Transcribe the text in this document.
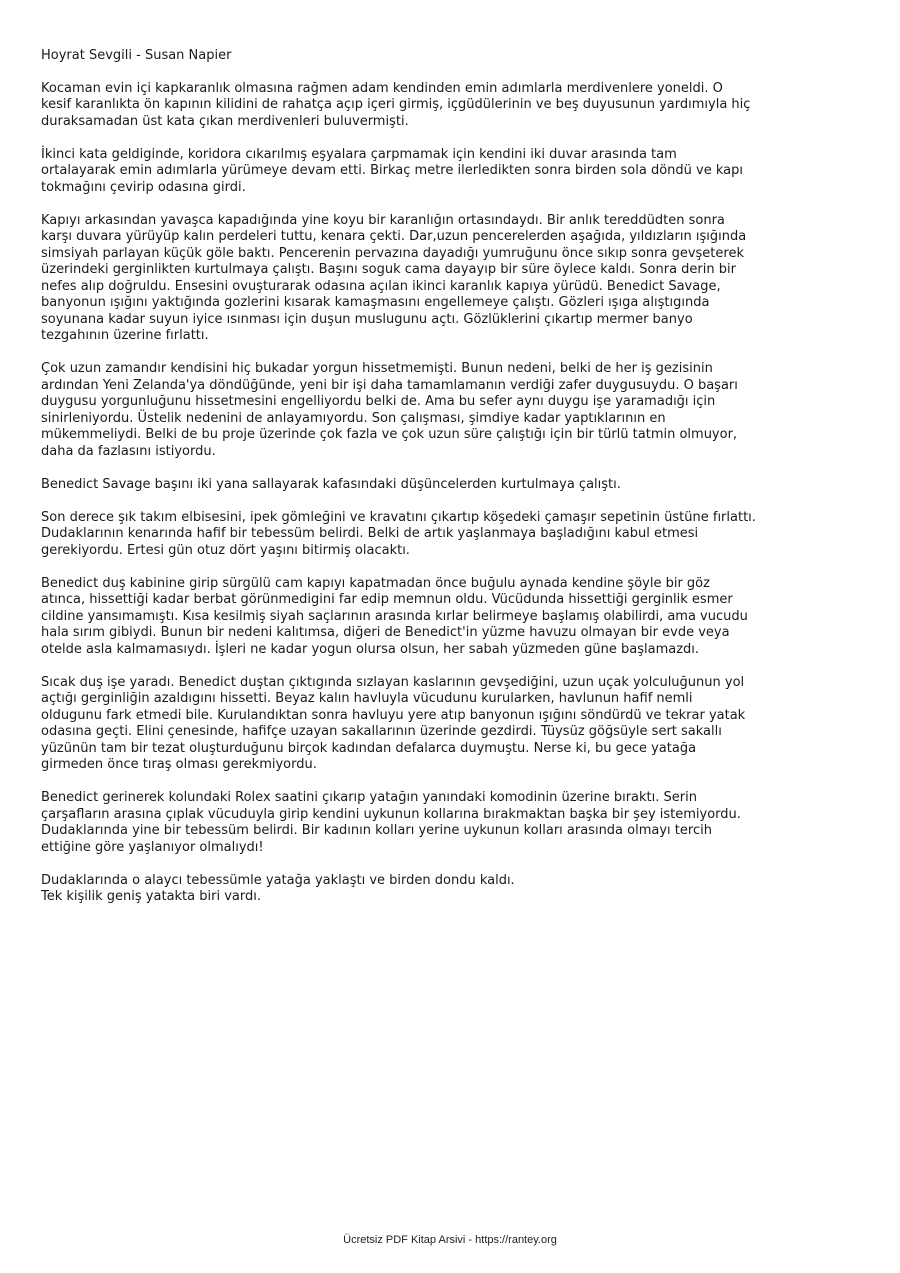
Hoyrat Sevgili - Susan Napier

Kocaman evin içi kapkaranlık olmasına rağmen adam kendinden emin adımlarla merdivenlere yoneldi. O
kesif karanlıkta ön kapının kilidini de rahatça açıp içeri girmiş, içgüdülerinin ve beş duyusunun yardımıyla hiç
duraksamadan üst kata çıkan merdivenleri buluvermişti.

İkinci kata geldiginde, koridora cıkarılmış eşyalara çarpmamak için kendini iki duvar arasında tam
ortalayarak emin adımlarla yürümeye devam etti. Birkaç metre ilerledikten sonra birden sola döndü ve kapı
tokmağını çevirip odasına girdi.

Kapıyı arkasından yavaşca kapadığında yine koyu bir karanlığın ortasındaydı. Bir anlık tereddüdten sonra
karşı duvara yürüyüp kalın perdeleri tuttu, kenara çekti. Dar,uzun pencerelerden aşağıda, yıldızların ışığında
simsiyah parlayan küçük göle baktı. Pencerenin pervazına dayadığı yumruğunu önce sıkıp sonra gevşeterek
üzerindeki gerginlikten kurtulmaya çalıştı. Başını soguk cama dayayıp bir süre öylece kaldı. Sonra derin bir
nefes alıp doğruldu. Ensesini ovuşturarak odasına açılan ikinci karanlık kapıya yürüdü. Benedict Savage,
banyonun ışığını yaktığında gozlerini kısarak kamaşmasını engellemeye çalıştı. Gözleri ışıga alıştıgında
soyunana kadar suyun iyice ısınması için duşun muslugunu açtı. Gözlüklerini çıkartıp mermer banyo
tezgahının üzerine fırlattı.

Çok uzun zamandır kendisini hiç bukadar yorgun hissetmemişti. Bunun nedeni, belki de her iş gezisinin
ardından Yeni Zelanda'ya döndüğünde, yeni bir işi daha tamamlamanın verdiği zafer duygusuydu. O başarı
duygusu yorgunluğunu hissetmesini engelliyordu belki de. Ama bu sefer aynı duygu işe yaramadığı için
sinirleniyordu. Üstelik nedenini de anlayamıyordu. Son çalışması, şimdiye kadar yaptıklarının en
mükemmeliydi. Belki de bu proje üzerinde çok fazla ve çok uzun süre çalıştığı için bir türlü tatmin olmuyor,
daha da fazlasını istiyordu.

Benedict Savage başını iki yana sallayarak kafasındaki düşüncelerden kurtulmaya çalıştı.

Son derece şık takım elbisesini, ipek gömleğini ve kravatını çıkartıp köşedeki çamaşır sepetinin üstüne fırlattı.
Dudaklarının kenarında hafif bir tebessüm belirdi. Belki de artık yaşlanmaya başladığını kabul etmesi
gerekiyordu. Ertesi gün otuz dört yaşını bitirmiş olacaktı.

Benedict duş kabinine girip sürgülü cam kapıyı kapatmadan önce buğulu aynada kendine şöyle bir göz
atınca, hissettiği kadar berbat görünmedigini far edip memnun oldu. Vücüdunda hissettiği gerginlik esmer
cildine yansımamıştı. Kısa kesilmiş siyah saçlarının arasında kırlar belirmeye başlamış olabilirdi, ama vucudu
hala sırım gibiydi. Bunun bir nedeni kalıtımsa, diğeri de Benedict'in yüzme havuzu olmayan bir evde veya
otelde asla kalmamasıydı. İşleri ne kadar yogun olursa olsun, her sabah yüzmeden güne başlamazdı.

Sıcak duş işe yaradı. Benedict duştan çıktıgında sızlayan kaslarının gevşediğini, uzun uçak yolculuğunun yol
açtığı gerginliğin azaldıgını hissetti. Beyaz kalın havluyla vücudunu kurularken, havlunun hafif nemli
oldugunu fark etmedi bile. Kurulandıktan sonra havluyu yere atıp banyonun ışığını söndürdü ve tekrar yatak
odasına geçti. Elini çenesinde, hafifçe uzayan sakallarının üzerinde gezdirdi. Tüysüz göğsüyle sert sakallı
yüzünün tam bir tezat oluşturduğunu birçok kadından defalarca duymuştu. Nerse ki, bu gece yatağa
girmeden önce tıraş olması gerekmiyordu.

Benedict gerinerek kolundaki Rolex saatini çıkarıp yatağın yanındaki komodinin üzerine bıraktı. Serin
çarşafların arasına çıplak vücuduyla girip kendini uykunun kollarına bırakmaktan başka bir şey istemiyordu.
Dudaklarında yine bir tebessüm belirdi. Bir kadının kolları yerine uykunun kolları arasında olmayı tercih
ettiğine göre yaşlanıyor olmalıydı!

Dudaklarında o alaycı tebessümle yatağa yaklaştı ve birden dondu kaldı.
Tek kişilik geniş yatakta biri vardı.

Ücretsiz PDF Kitap Arsivi - https://rantey.org
